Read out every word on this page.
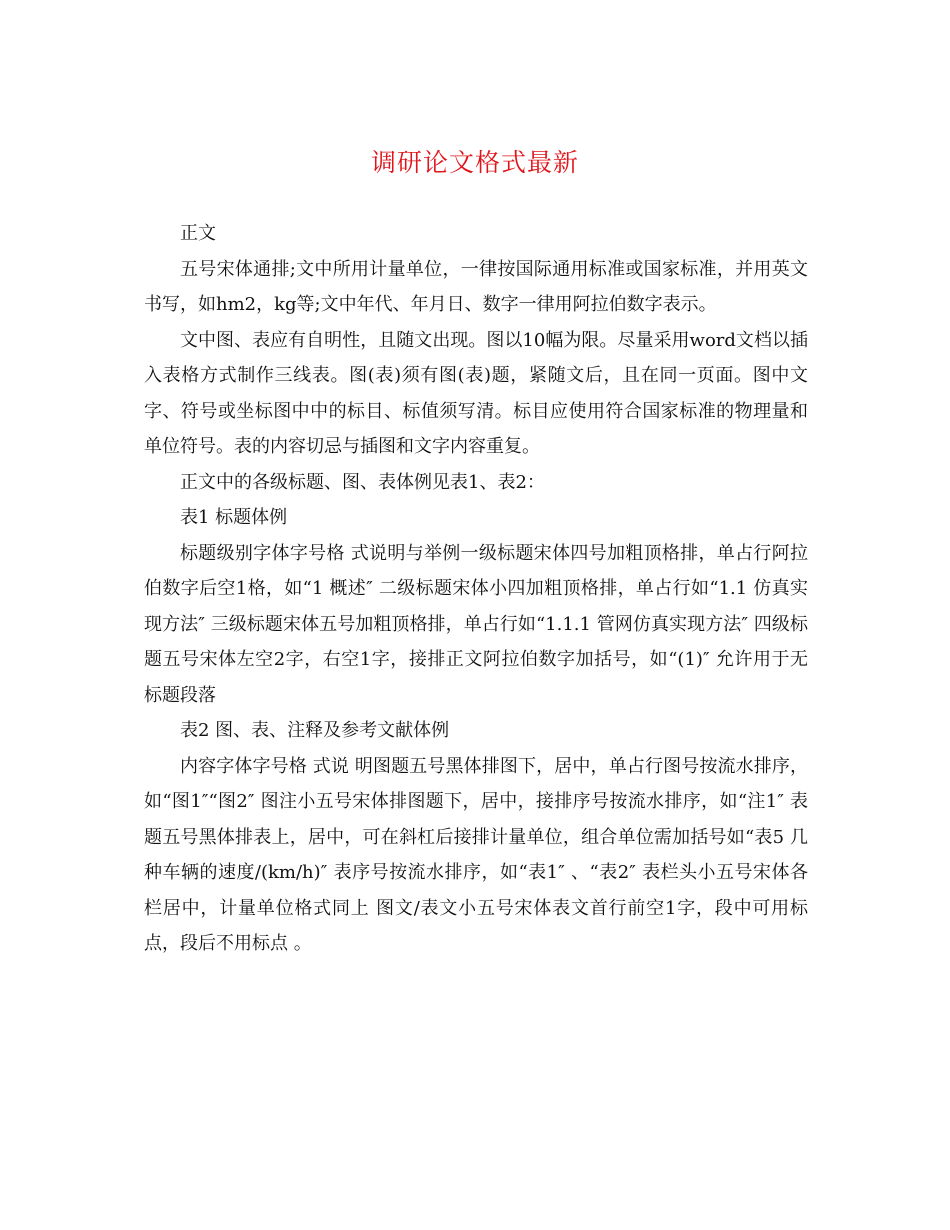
调研论文格式最新

正文

五号宋体通排;文中所用计量单位，一律按国际通用标准或国家标准，并用英文书写，如hm2，kg等;文中年代、年月日、数字一律用阿拉伯数字表示。

文中图、表应有自明性，且随文出现。图以10幅为限。尽量采用word文档以插入表格方式制作三线表。图(表)须有图(表)题，紧随文后，且在同一页面。图中文字、符号或坐标图中中的标目、标值须写清。标目应使用符合国家标准的物理量和单位符号。表的内容切忌与插图和文字内容重复。

正文中的各级标题、图、表体例见表1、表2：

表1 标题体例

标题级别字体字号格 式说明与举例一级标题宋体四号加粗顶格排，单占行阿拉伯数字后空1格，如“1 概述″ 二级标题宋体小四加粗顶格排，单占行如“1.1 仿真实现方法″ 三级标题宋体五号加粗顶格排，单占行如“1.1.1 管网仿真实现方法″ 四级标题五号宋体左空2字，右空1字，接排正文阿拉伯数字加括号，如“(1)″ 允许用于无标题段落

表2 图、表、注释及参考文献体例

内容字体字号格 式说 明图题五号黑体排图下，居中，单占行图号按流水排序，如“图1″“图2″ 图注小五号宋体排图题下，居中，接排序号按流水排序，如“注1″ 表题五号黑体排表上，居中，可在斜杠后接排计量单位，组合单位需加括号如“表5 几种车辆的速度/(km/h)″ 表序号按流水排序，如“表1″ 、“表2″ 表栏头小五号宋体各栏居中，计量单位格式同上 图文/表文小五号宋体表文首行前空1字，段中可用标点，段后不用标点 。
